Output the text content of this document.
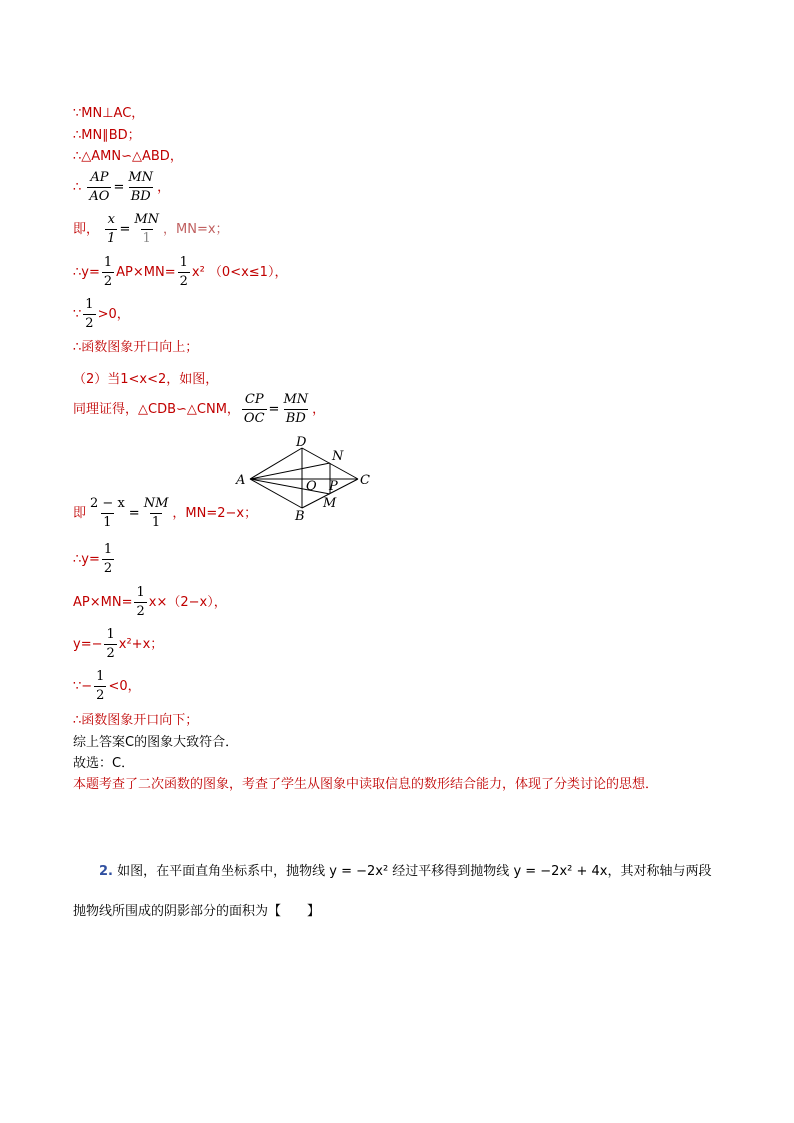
∵MN⊥AC，
∴MN∥BD；
∴△AMN∽△ABD，
∴ $\frac{AP}{AO} = \frac{MN}{BD}$ ，
即， $\frac{x}{1} = \frac{MN}{1}$ ，MN=x；
∴y= $\frac{1}{2} AP\times MN= \frac{1}{2} x^2$ （0<x≤1），
∵ $\frac{1}{2} >0$，
∴函数图象开口向上；
（2）当1<x<2，如图，
同理证得，△CDB∽△CNM， $\frac{CP}{OC} = \frac{MN}{BD}$ ，
即 $\frac{2 - x}{1} = \frac{NM}{1}$ ，MN=2−x；
∴y= $\frac{1}{2}$
$AP\times MN= \frac{1}{2} x\times(2-x)$，
$y=- \frac{1}{2} x^2+x$；
∵− $\frac{1}{2} <0$，
∴函数图象开口向下；
综上答案C的图象大致符合．
故选：C．
本题考查了二次函数的图象，考查了学生从图象中读取信息的数形结合能力，体现了分类讨论的思想．
A
B
C
D
N
O P
M
2. 如图，在平面直角坐标系中，抛物线 y = −2x² 经过平移得到抛物线 y = −2x² + 4x，其对称轴与两段
抛物线所围成的阴影部分的面积为【　　】
